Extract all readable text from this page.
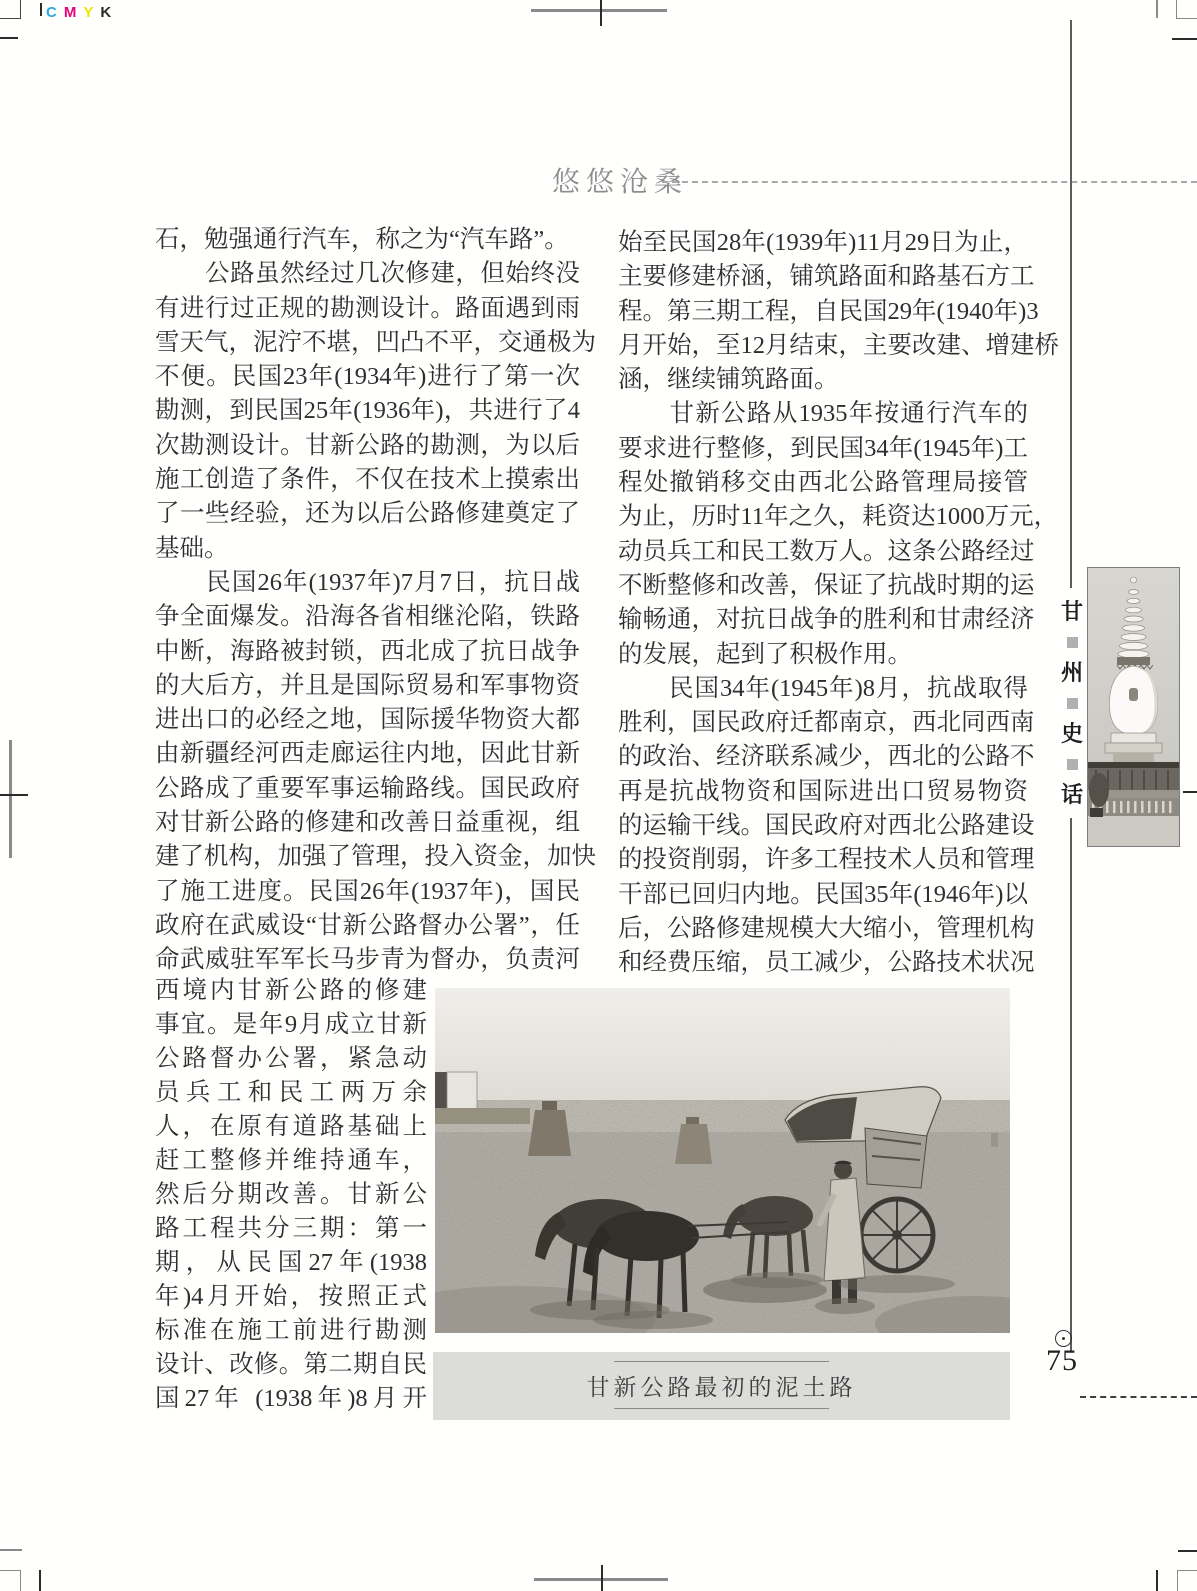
CMYK
悠悠沧桑
石，勉强通行汽车，称之为“汽车路”。
　　公路虽然经过几次修建，但始终没
有进行过正规的勘测设计。路面遇到雨
雪天气，泥泞不堪，凹凸不平，交通极为
不便。民国23年(1934年)进行了第一次
勘测，到民国25年(1936年)，共进行了4
次勘测设计。甘新公路的勘测，为以后
施工创造了条件，不仅在技术上摸索出
了一些经验，还为以后公路修建奠定了
基础。
　　民国26年(1937年)7月7日，抗日战
争全面爆发。沿海各省相继沦陷，铁路
中断，海路被封锁，西北成了抗日战争
的大后方，并且是国际贸易和军事物资
进出口的必经之地，国际援华物资大都
由新疆经河西走廊运往内地，因此甘新
公路成了重要军事运输路线。国民政府
对甘新公路的修建和改善日益重视，组
建了机构，加强了管理，投入资金，加快
了施工进度。民国26年(1937年)，国民
政府在武威设“甘新公路督办公署”，任
命武威驻军军长马步青为督办，负责河
西境内甘新公路的修建
事宜。是年9月成立甘新
公路督办公署，紧急动
员兵工和民工两万余
人，在原有道路基础上
赶工整修并维持通车，
然后分期改善。甘新公
路工程共分三期：第一
期，从民国27年(1938
年)4月开始，按照正式
标准在施工前进行勘测
设计、改修。第二期自民
国27年 (1938年)8月开
始至民国28年(1939年)11月29日为止，
主要修建桥涵，铺筑路面和路基石方工
程。第三期工程，自民国29年(1940年)3
月开始，至12月结束，主要改建、增建桥
涵，继续铺筑路面。
　　甘新公路从1935年按通行汽车的
要求进行整修，到民国34年(1945年)工
程处撤销移交由西北公路管理局接管
为止，历时11年之久，耗资达1000万元，
动员兵工和民工数万人。这条公路经过
不断整修和改善，保证了抗战时期的运
输畅通，对抗日战争的胜利和甘肃经济
的发展，起到了积极作用。
　　民国34年(1945年)8月，抗战取得
胜利，国民政府迁都南京，西北同西南
的政治、经济联系减少，西北的公路不
再是抗战物资和国际进出口贸易物资
的运输干线。国民政府对西北公路建设
的投资削弱，许多工程技术人员和管理
干部已回归内地。民国35年(1946年)以
后，公路修建规模大大缩小，管理机构
和经费压缩，员工减少，公路技术状况
甘新公路最初的泥土路
甘
州
史
话
75
